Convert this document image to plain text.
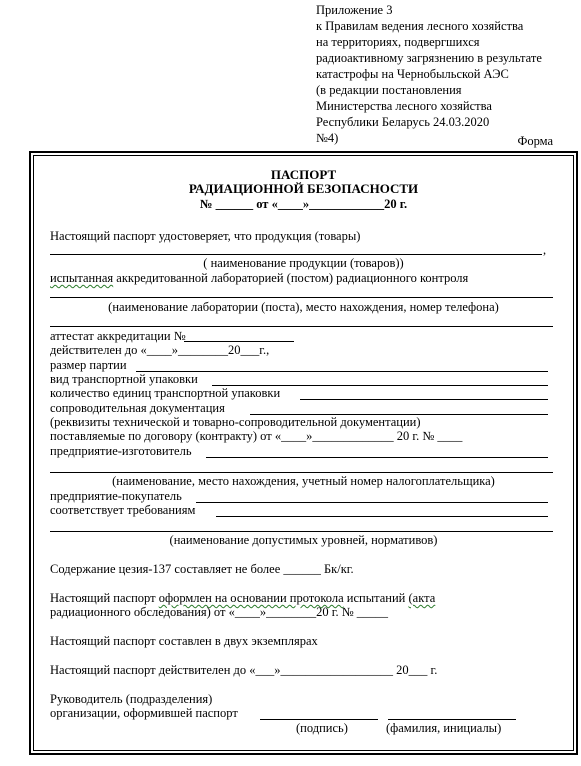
Приложение 3
к Правилам ведения лесного хозяйства
на территориях, подвергшихся
радиоактивному загрязнению в результате
катастрофы на Чернобыльской АЭС
(в редакции постановления
Министерства лесного хозяйства
Республики Беларусь 24.03.2020
№4)	Форма
ПАСПОРТ
РАДИАЦИОННОЙ БЕЗОПАСНОСТИ
№ ______ от «____»____________20 г.
Настоящий паспорт удостоверяет, что продукция (товары)
,
( наименование продукции (товаров))
испытанная аккредитованной лабораторией (постом) радиационного контроля
(наименование лаборатории (поста), место нахождения, номер телефона)
аттестат аккредитации №
действителен до «____»________20___г.,
размер партии
вид транспортной упаковки
количество единиц транспортной упаковки
сопроводительная документация
(реквизиты технической и товарно-сопроводительной документации)
поставляемые по договору (контракту) от «____»_____________ 20 г. № ____
предприятие-изготовитель
(наименование, место нахождения, учетный номер налогоплательщика)
предприятие-покупатель
соответствует требованиям
(наименование допустимых уровней, нормативов)
Содержание цезия-137 составляет не более ______ Бк/кг.
Настоящий паспорт оформлен на основании протокола испытаний (акта
радиационного обследования) от «____»________20 г. № _____
Настоящий паспорт составлен в двух экземплярах
Настоящий паспорт действителен до «___»__________________ 20___ г.
Руководитель (подразделения)
организации, оформившей паспорт
(подпись)	(фамилия, инициалы)
